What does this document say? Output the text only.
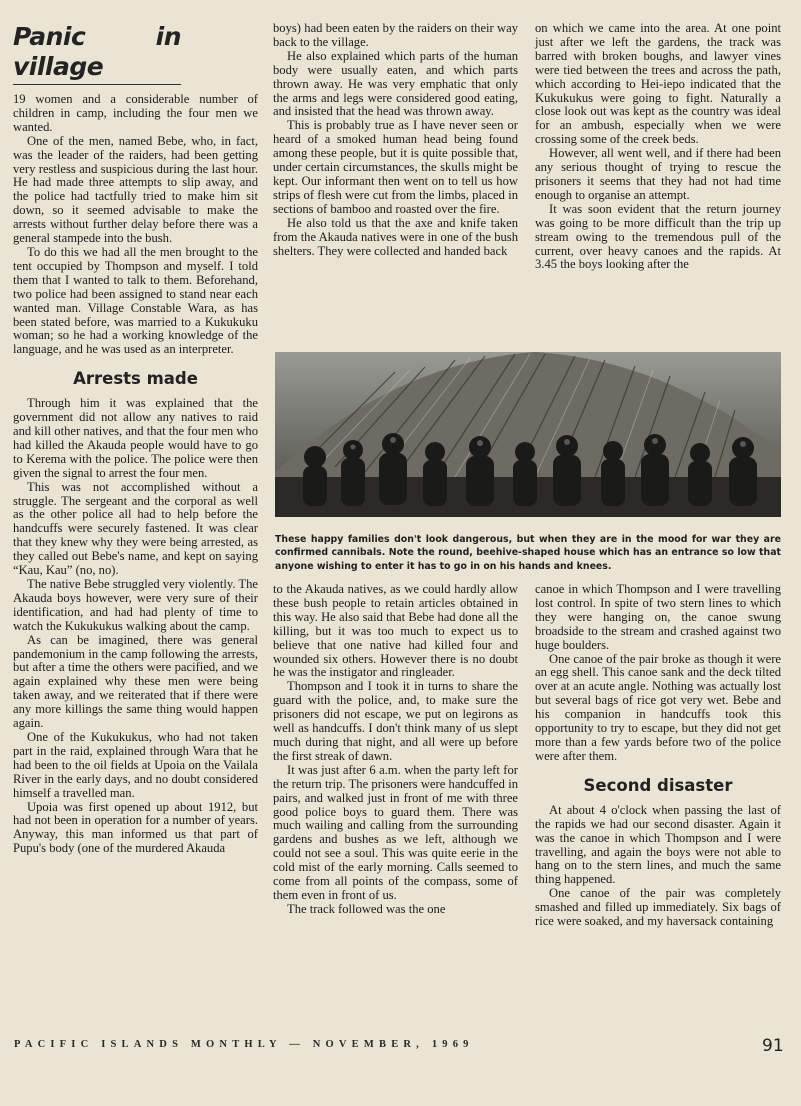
Panic in village

19 women and a considerable number of children in camp, including the four men we wanted.

One of the men, named Bebe, who, in fact, was the leader of the raiders, had been getting very restless and suspicious during the last hour. He had made three attempts to slip away, and the police had tactfully tried to make him sit down, so it seemed advisable to make the arrests without further delay before there was a general stampede into the bush.

To do this we had all the men brought to the tent occupied by Thompson and myself. I told them that I wanted to talk to them. Beforehand, two police had been assigned to stand near each wanted man. Village Constable Wara, as has been stated before, was married to a Kukukuku woman; so he had a working knowledge of the language, and he was used as an interpreter.

Arrests made

Through him it was explained that the government did not allow any natives to raid and kill other natives, and that the four men who had killed the Akauda people would have to go to Kerema with the police. The police were then given the signal to arrest the four men.

This was not accomplished without a struggle. The sergeant and the corporal as well as the other police all had to help before the handcuffs were securely fastened. It was clear that they knew why they were being arrested, as they called out Bebe's name, and kept on saying “Kau, Kau” (no, no).

The native Bebe struggled very violently. The Akauda boys however, were very sure of their identification, and had had plenty of time to watch the Kukukukus walking about the camp.

As can be imagined, there was general pandemonium in the camp following the arrests, but after a time the others were pacified, and we again explained why these men were being taken away, and we reiterated that if there were any more killings the same thing would happen again.

One of the Kukukukus, who had not taken part in the raid, explained through Wara that he had been to the oil fields at Upoia on the Vailala River in the early days, and no doubt considered himself a travelled man.

Upoia was first opened up about 1912, but had not been in operation for a number of years. Anyway, this man informed us that part of Pupu's body (one of the murdered Akauda

boys) had been eaten by the raiders on their way back to the village.

He also explained which parts of the human body were usually eaten, and which parts thrown away. He was very emphatic that only the arms and legs were considered good eating, and insisted that the head was thrown away.

This is probably true as I have never seen or heard of a smoked human head being found among these people, but it is quite possible that, under certain circumstances, the skulls might be kept. Our informant then went on to tell us how strips of flesh were cut from the limbs, placed in sections of bamboo and roasted over the fire.

He also told us that the axe and knife taken from the Akauda natives were in one of the bush shelters. They were collected and handed back

on which we came into the area. At one point just after we left the gardens, the track was barred with broken boughs, and lawyer vines were tied between the trees and across the path, which according to Hei-iepo indicated that the Kukukukus were going to fight. Naturally a close look out was kept as the country was ideal for an ambush, especially when we were crossing some of the creek beds.

However, all went well, and if there had been any serious thought of trying to rescue the prisoners it seems that they had not had time enough to organise an attempt.

It was soon evident that the return journey was going to be more difficult than the trip up stream owing to the tremendous pull of the current, over heavy canoes and the rapids. At 3.45 the boys looking after the

These happy families don't look dangerous, but when they are in the mood for war they are confirmed cannibals. Note the round, beehive-shaped house which has an entrance so low that anyone wishing to enter it has to go in on his hands and knees.

to the Akauda natives, as we could hardly allow these bush people to retain articles obtained in this way. He also said that Bebe had done all the killing, but it was too much to expect us to believe that one native had killed four and wounded six others. However there is no doubt he was the instigator and ringleader.

Thompson and I took it in turns to share the guard with the police, and, to make sure the prisoners did not escape, we put on legirons as well as handcuffs. I don't think many of us slept much during that night, and all were up before the first streak of dawn.

It was just after 6 a.m. when the party left for the return trip. The prisoners were handcuffed in pairs, and walked just in front of me with three good police boys to guard them. There was much wailing and calling from the surrounding gardens and bushes as we left, although we could not see a soul. This was quite eerie in the cold mist of the early morning. Calls seemed to come from all points of the compass, some of them even in front of us.

The track followed was the one

canoe in which Thompson and I were travelling lost control. In spite of two stern lines to which they were hanging on, the canoe swung broadside to the stream and crashed against two huge boulders.

One canoe of the pair broke as though it were an egg shell. This canoe sank and the deck tilted over at an acute angle. Nothing was actually lost but several bags of rice got very wet. Bebe and his companion in handcuffs took this opportunity to try to escape, but they did not get more than a few yards before two of the police were after them.

Second disaster

At about 4 o'clock when passing the last of the rapids we had our second disaster. Again it was the canoe in which Thompson and I were travelling, and again the boys were not able to hang on to the stern lines, and much the same thing happened.

One canoe of the pair was completely smashed and filled up immediately. Six bags of rice were soaked, and my haversack containing

PACIFIC ISLANDS MONTHLY — NOVEMBER, 1969	91
